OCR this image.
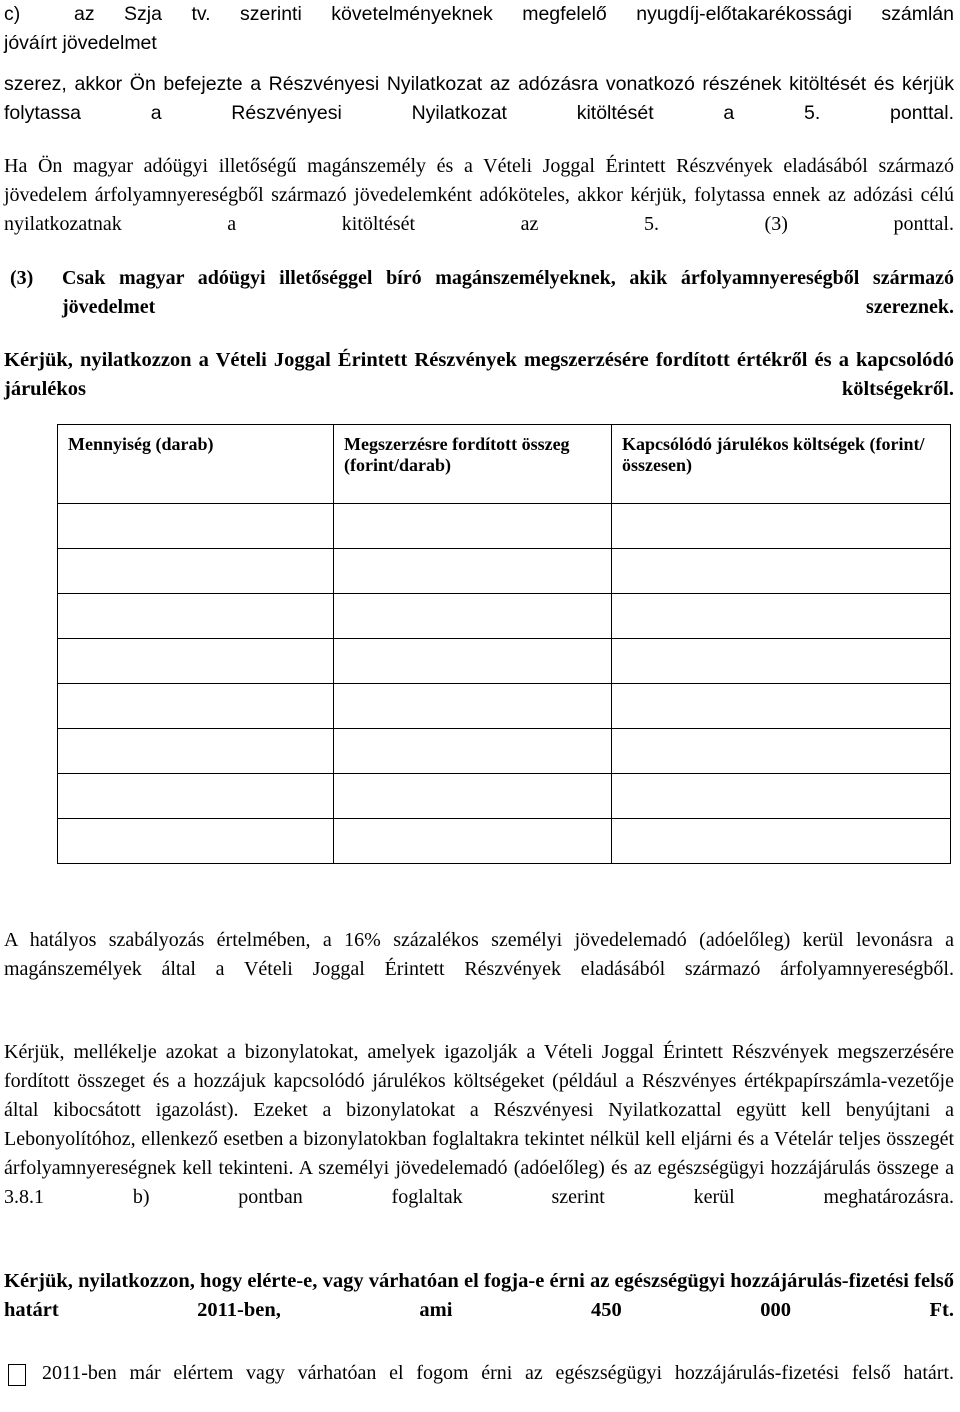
c)	az Szja tv. szerinti követelményeknek megfelelő nyugdíj-előtakarékossági számlán
jóváírt jövedelmet
szerez, akkor Ön befejezte a Részvényesi Nyilatkozat az adózásra vonatkozó részének kitöltését és kérjük folytassa a Részvényesi Nyilatkozat kitöltését a 5. ponttal.
Ha Ön magyar adóügyi illetőségű magánszemély és a Vételi Joggal Érintett Részvények eladásából származó jövedelem árfolyamnyereségből származó jövedelemként adóköteles, akkor kérjük, folytassa ennek az adózási célú nyilatkozatnak a kitöltését az 5. (3) ponttal.
(3)	Csak magyar adóügyi illetőséggel bíró magánszemélyeknek, akik árfolyamnyereségből származó jövedelmet szereznek.
Kérjük, nyilatkozzon a Vételi Joggal Érintett Részvények megszerzésére fordított értékről és a kapcsolódó járulékos költségekről.
Mennyiség (darab)	Megszerzésre fordított összeg (forint/darab)	Kapcsólódó járulékos költségek (forint/összesen)

A hatályos szabályozás értelmében, a 16% százalékos személyi jövedelemadó (adóelőleg) kerül levonásra a magánszemélyek által a Vételi Joggal Érintett Részvények eladásából származó árfolyamnyereségből.
Kérjük, mellékelje azokat a bizonylatokat, amelyek igazolják a Vételi Joggal Érintett Részvények megszerzésére fordított összeget és a hozzájuk kapcsolódó járulékos költségeket (például a Részvényes értékpapírszámla-vezetője által kibocsátott igazolást). Ezeket a bizonylatokat a Részvényesi Nyilatkozattal együtt kell benyújtani a Lebonyolítóhoz, ellenkező esetben a bizonylatokban foglaltakra tekintet nélkül kell eljárni és a Vételár teljes összegét árfolyamnyereségnek kell tekinteni. A személyi jövedelemadó (adóelőleg) és az egészségügyi hozzájárulás összege a 3.8.1 b) pontban foglaltak szerint kerül meghatározásra.
Kérjük, nyilatkozzon, hogy elérte-e, vagy várhatóan el fogja-e érni az egészségügyi hozzájárulás-fizetési felső határt 2011-ben, ami 450 000 Ft.
2011-ben már elértem vagy várhatóan el fogom érni az egészségügyi hozzájárulás-fizetési felső határt.
